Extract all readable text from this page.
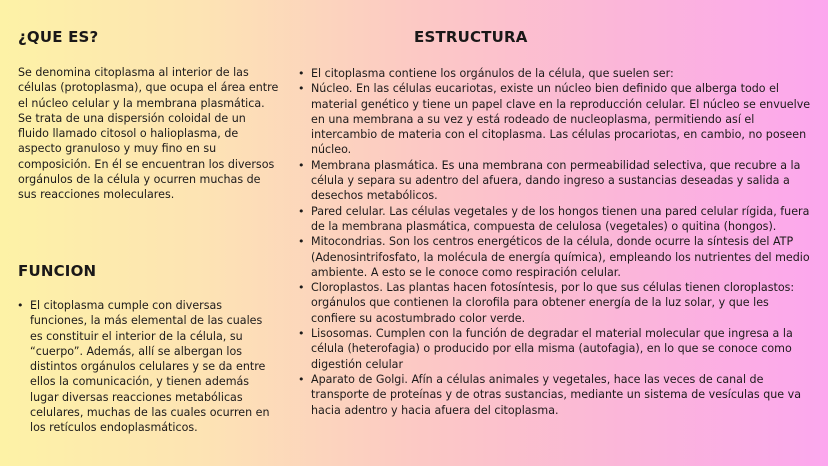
¿QUE ES?

Se denomina citoplasma al interior de las células (protoplasma), que ocupa el área entre el núcleo celular y la membrana plasmática. Se trata de una dispersión coloidal de un fluido llamado citosol o halioplasma, de aspecto granuloso y muy fino en su composición. En él se encuentran los diversos orgánulos de la célula y ocurren muchas de sus reacciones moleculares.

FUNCION
• El citoplasma cumple con diversas funciones, la más elemental de las cuales es constituir el interior de la célula, su “cuerpo”. Además, allí se albergan los distintos orgánulos celulares y se da entre ellos la comunicación, y tienen además lugar diversas reacciones metabólicas celulares, muchas de las cuales ocurren en los retículos endoplasmáticos.
ESTRUCTURA
• El citoplasma contiene los orgánulos de la célula, que suelen ser:
• Núcleo. En las células eucariotas, existe un núcleo bien definido que alberga todo el material genético y tiene un papel clave en la reproducción celular. El núcleo se envuelve en una membrana a su vez y está rodeado de nucleoplasma, permitiendo así el intercambio de materia con el citoplasma. Las células procariotas, en cambio, no poseen núcleo.
• Membrana plasmática. Es una membrana con permeabilidad selectiva, que recubre a la célula y separa su adentro del afuera, dando ingreso a sustancias deseadas y salida a desechos metabólicos.
• Pared celular. Las células vegetales y de los hongos tienen una pared celular rígida, fuera de la membrana plasmática, compuesta de celulosa (vegetales) o quitina (hongos).
• Mitocondrias. Son los centros energéticos de la célula, donde ocurre la síntesis del ATP (Adenosintrifosfato, la molécula de energía química), empleando los nutrientes del medio ambiente. A esto se le conoce como respiración celular.
• Cloroplastos. Las plantas hacen fotosíntesis, por lo que sus células tienen cloroplastos: orgánulos que contienen la clorofila para obtener energía de la luz solar, y que les confiere su acostumbrado color verde.
• Lisosomas. Cumplen con la función de degradar el material molecular que ingresa a la célula (heterofagia) o producido por ella misma (autofagia), en lo que se conoce como digestión celular
• Aparato de Golgi. Afín a células animales y vegetales, hace las veces de canal de transporte de proteínas y de otras sustancias, mediante un sistema de vesículas que va hacia adentro y hacia afuera del citoplasma.
